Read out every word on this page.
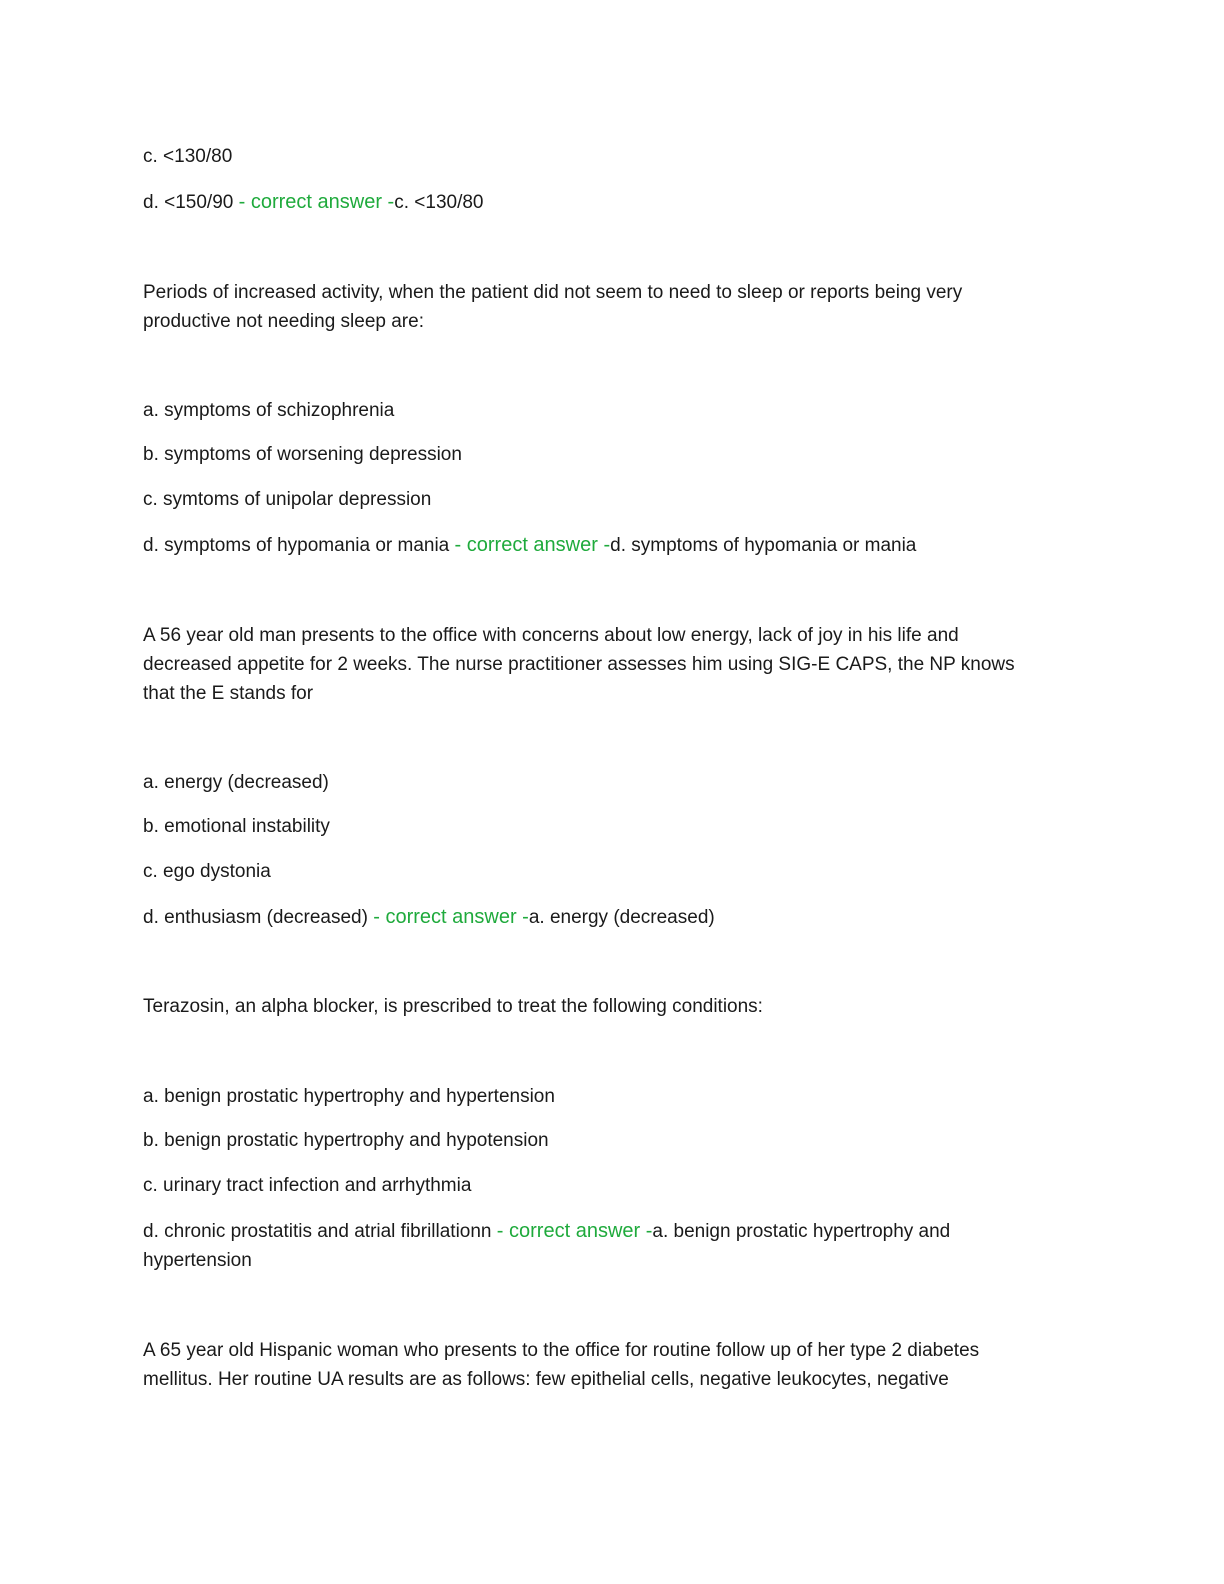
c. <130/80
d. <150/90 - correct answer -c. <130/80
Periods of increased activity, when the patient did not seem to need to sleep or reports being very
productive not needing sleep are:
a. symptoms of schizophrenia
b. symptoms of worsening depression
c. symtoms of unipolar depression
d. symptoms of hypomania or mania - correct answer -d. symptoms of hypomania or mania
A 56 year old man presents to the office with concerns about low energy, lack of joy in his life and
decreased appetite for 2 weeks. The nurse practitioner assesses him using SIG-E CAPS, the NP knows
that the E stands for
a. energy (decreased)
b. emotional instability
c. ego dystonia
d. enthusiasm (decreased) - correct answer -a. energy (decreased)
Terazosin, an alpha blocker, is prescribed to treat the following conditions:
a. benign prostatic hypertrophy and hypertension
b. benign prostatic hypertrophy and hypotension
c. urinary tract infection and arrhythmia
d. chronic prostatitis and atrial fibrillationn - correct answer -a. benign prostatic hypertrophy and
hypertension
A 65 year old Hispanic woman who presents to the office for routine follow up of her type 2 diabetes
mellitus. Her routine UA results are as follows: few epithelial cells, negative leukocytes, negative
